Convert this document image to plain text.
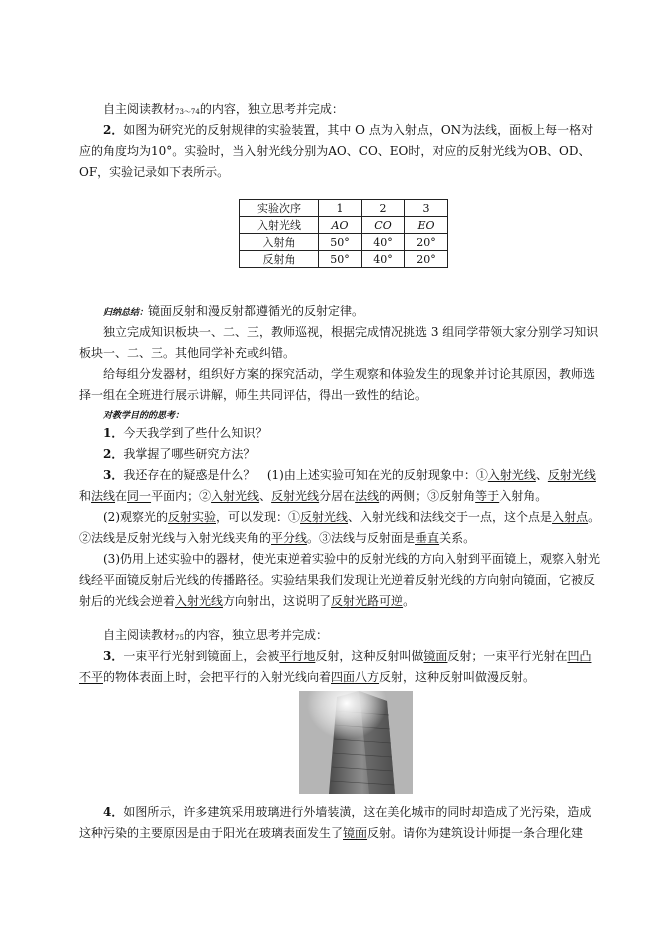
自主阅读教材73～74的内容，独立思考并完成：
2．如图为研究光的反射规律的实验装置，其中 O 点为入射点，ON为法线，面板上每一格对
应的角度均为10°。实验时，当入射光线分别为AO、CO、EO时，对应的反射光线为OB、OD、
OF，实验记录如下表所示。
实验次序	1	2	3
入射光线	AO	CO	EO
入射角	50°	40°	20°
反射角	50°	40°	20°
归纳总结：镜面反射和漫反射都遵循光的反射定律。
独立完成知识板块一、二、三，教师巡视，根据完成情况挑选 3 组同学带领大家分别学习知识
板块一、二、三。其他同学补充或纠错。
给每组分发器材，组织好方案的探究活动，学生观察和体验发生的现象并讨论其原因，教师选
择一组在全班进行展示讲解，师生共同评估，得出一致性的结论。
对教学目的的思考：
1．今天我学到了些什么知识？
2．我掌握了哪些研究方法？
3．我还存在的疑惑是什么？ (1)由上述实验可知在光的反射现象中：①入射光线、反射光线
和法线在同一平面内；②入射光线、反射光线分居在法线的两侧；③反射角等于入射角。
(2)观察光的反射实验，可以发现：①反射光线、入射光线和法线交于一点，这个点是入射点。
②法线是反射光线与入射光线夹角的平分线。③法线与反射面是垂直关系。
(3)仍用上述实验中的器材，使光束逆着实验中的反射光线的方向入射到平面镜上，观察入射光
线经平面镜反射后光线的传播路径。实验结果我们发现让光逆着反射光线的方向射向镜面，它被反
射后的光线会逆着入射光线方向射出，这说明了反射光路可逆。
自主阅读教材75的内容，独立思考并完成：
3．一束平行光射到镜面上，会被平行地反射，这种反射叫做镜面反射；一束平行光射在凹凸
不平的物体表面上时，会把平行的入射光线向着四面八方反射，这种反射叫做漫反射。
4．如图所示，许多建筑采用玻璃进行外墙装潢，这在美化城市的同时却造成了光污染，造成
这种污染的主要原因是由于阳光在玻璃表面发生了镜面反射。请你为建筑设计师提一条合理化建
